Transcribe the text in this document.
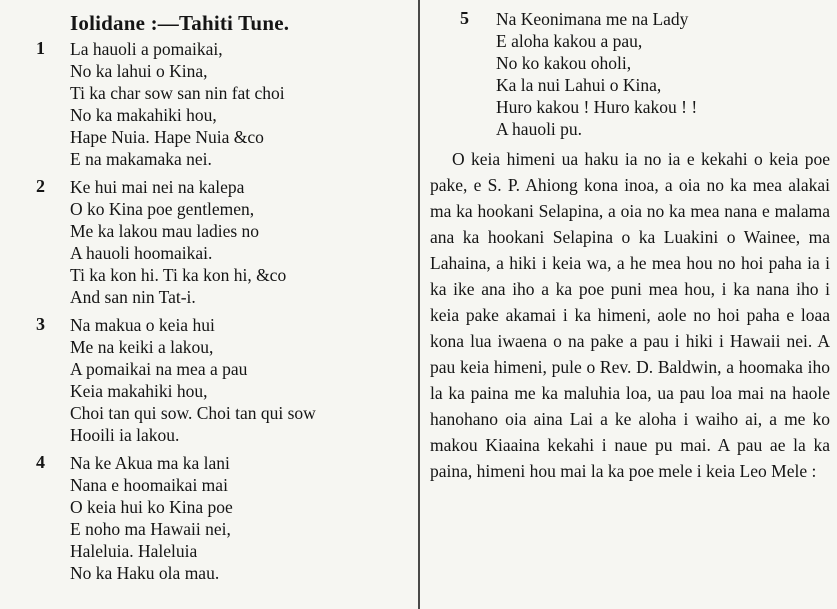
Iolidane :—Tahiti Tune.
1 La hauoli a pomaikai,
No ka lahui o Kina,
Ti ka char sow san nin fat choi
No ka makahiki hou,
Hape Nuia. Hape Nuia &co
E na makamaka nei.
2 Ke hui mai nei na kalepa
O ko Kina poe gentlemen,
Me ka lakou mau ladies no
A hauoli hoomaikai.
Ti ka kon hi. Ti ka kon hi, &co
And san nin Tat-i.
3 Na makua o keia hui
Me na keiki a lakou,
A pomaikai na mea a pau
Keia makahiki hou,
Choi tan qui sow. Choi tan qui sow
Hooili ia lakou.
4 Na ke Akua ma ka lani
Nana e hoomaikai mai
O keia hui ko Kina poe
E noho ma Hawaii nei,
Haleluia. Haleluia
No ka Haku ola mau.
5 Na Keonimana me na Lady
E aloha kakou a pau,
No ko kakou oholi,
Ka la nui Lahui o Kina,
Huro kakou ! Huro kakou ! !
A hauoli pu.

O keia himeni ua haku ia no ia e kekahi o keia poe pake, e S. P. Ahiong kona inoa, a oia no ka mea alakai ma ka hookani Selapina, a oia no ka mea nana e malama ana ka hookani Selapina o ka Luakini o Wainee, ma Lahaina, a hiki i keia wa, a he mea hou no hoi paha ia i ka ike ana iho a ka poe puni mea hou, i ka nana iho i keia pake akamai i ka himeni, aole no hoi paha e loaa kona lua iwaena o na pake a pau i hiki i Hawaii nei. A pau keia himeni, pule o Rev. D. Baldwin, a hoomaka iho la ka paina me ka maluhia loa, ua pau loa mai na haole hanohano oia aina Lai a ke aloha i waiho ai, a me ko makou Kiaaina kekahi i naue pu mai. A pau ae la ka paina, himeni hou mai la ka poe mele i keia Leo Mele :
